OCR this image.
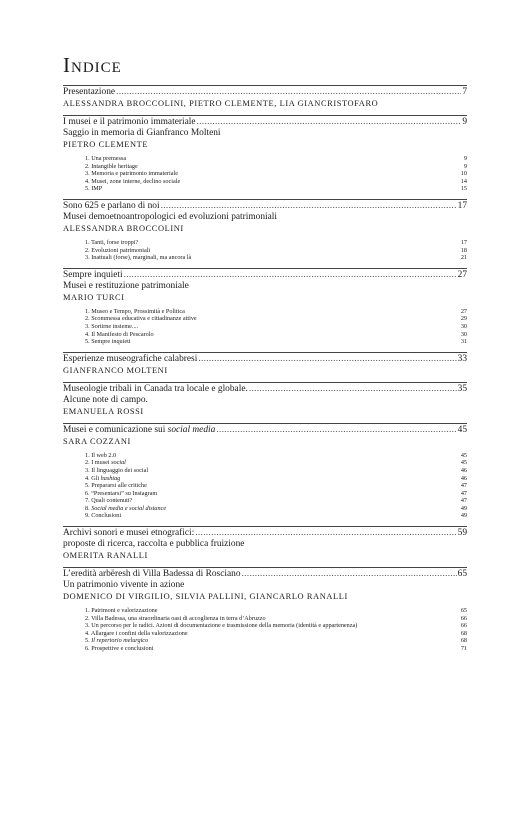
Indice
Presentazione .....	7
ALESSANDRA BROCCOLINI, PIETRO CLEMENTE, LIA GIANCRISTOFARO
I musei e il patrimonio immateriale .....	9
Saggio in memoria di Gianfranco Molteni
PIETRO CLEMENTE
1. Una premessa	9
2. Intangible heritage	9
3. Memoria e patrimonio immateriale	10
4. Musei, zone interne, declino sociale	14
5. IMP	15
Sono 625 e parlano di noi .....	17
Musei demoetnoantropologici ed evoluzioni patrimoniali
ALESSANDRA BROCCOLINI
1. Tanti, forse troppi?	17
2. Evoluzioni patrimoniali	18
3. Inattuali (forse), marginali, ma ancora là	21
Sempre inquieti .....	27
Musei e restituzione patrimoniale
MARIO TURCI
1. Museo e Tempo, Prossimità e Politica	27
2. Scommessa educativa e cittadinanze attive	29
3. Sortirne insieme....	30
4. Il Manifesto di Pescarolo	30
5. Sempre inquieti	31
Esperienze museografiche calabresi .....	33
GIANFRANCO MOLTENI
Museologie tribali in Canada tra locale e globale. .....	35
Alcune note di campo.
EMANUELA ROSSI
Musei e comunicazione sui social media .....	45
SARA COZZANI
1. Il web 2.0	45
2. I musei social	45
3. Il linguaggio dei social	46
4. Gli hashtag	46
5. Prepararsi alle critiche	47
6. “Presentarsi” su Instagram	47
7. Quali contenuti?	47
8. Social media e social distance	49
9. Conclusioni	49
Archivi sonori e musei etnografici: .....	59
proposte di ricerca, raccolta e pubblica fruizione
OMERITA RANALLI
L’eredità arbëresh di Villa Badessa di Rosciano .....	65
Un patrimonio vivente in azione
DOMENICO DI VIRGILIO, SILVIA PALLINI, GIANCARLO RANALLI
1. Patrimoni e valorizzazione	65
2. Villa Badessa, una straordinaria oasi di accoglienza in terra d’Abruzzo	66
3. Un percorso per le radici. Azioni di documentazione e trasmissione della memoria (identità e appartenenza)	66
4. Allargare i confini della valorizzazione	68
5. Il repertorio melurgico	68
6. Prospettive e conclusioni	71
